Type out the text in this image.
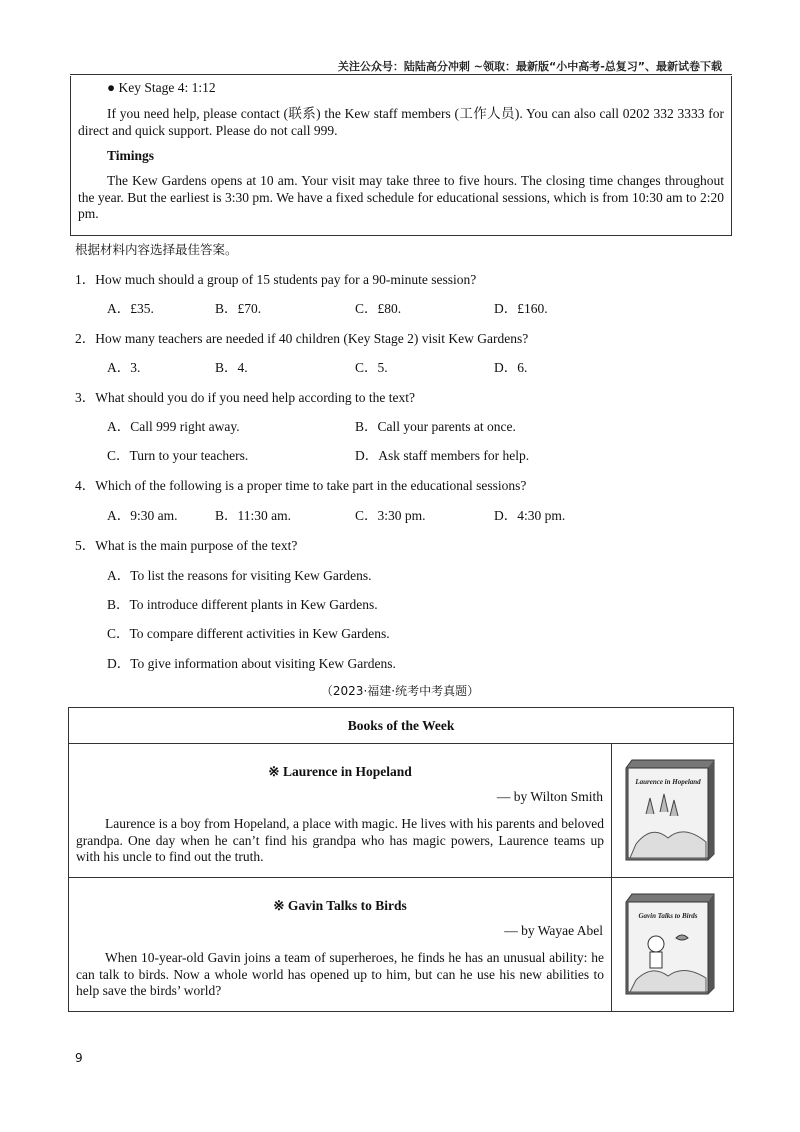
关注公众号：陆陆高分冲刺 ~领取：最新版“小中高考-总复习”、最新试卷下载
● Key Stage 4: 1:12
If you need help, please contact (联系) the Kew staff members (工作人员). You can also call 0202 332 3333 for direct and quick support. Please do not call 999.
Timings
The Kew Gardens opens at 10 am. Your visit may take three to five hours. The closing time changes throughout the year. But the earliest is 3:30 pm. We have a fixed schedule for educational sessions, which is from 10:30 am to 2:20 pm.
根据材料内容选择最佳答案。
1．How much should a group of 15 students pay for a 90-minute session?
A．£35.	B．£70.	C．£80.	D．£160.
2．How many teachers are needed if 40 children (Key Stage 2) visit Kew Gardens?
A．3.	B．4.	C．5.	D．6.
3．What should you do if you need help according to the text?
A．Call 999 right away.	B．Call your parents at once.
C．Turn to your teachers.	D．Ask staff members for help.
4．Which of the following is a proper time to take part in the educational sessions?
A．9:30 am.	B．11:30 am.	C．3:30 pm.	D．4:30 pm.
5．What is the main purpose of the text?
A．To list the reasons for visiting Kew Gardens.
B．To introduce different plants in Kew Gardens.
C．To compare different activities in Kew Gardens.
D．To give information about visiting Kew Gardens.
（2023·福建·统考中考真题）
Books of the Week	

※ Laurence in Hopeland
— by Wilton Smith
Laurence is a boy from Hopeland, a place with magic. He lives with his parents and beloved grandpa. One day when he can’t find his grandpa who has magic powers, Laurence teams up with his uncle to find out the truth.	Laurence in Hopeland

※ Gavin Talks to Birds
— by Wayae Abel
When 10-year-old Gavin joins a team of superheroes, he finds he has an unusual ability: he can talk to birds. Now a whole world has opened up to him, but can he use his new abilities to help save the birds’ world?	Gavin Talks to Birds
9
